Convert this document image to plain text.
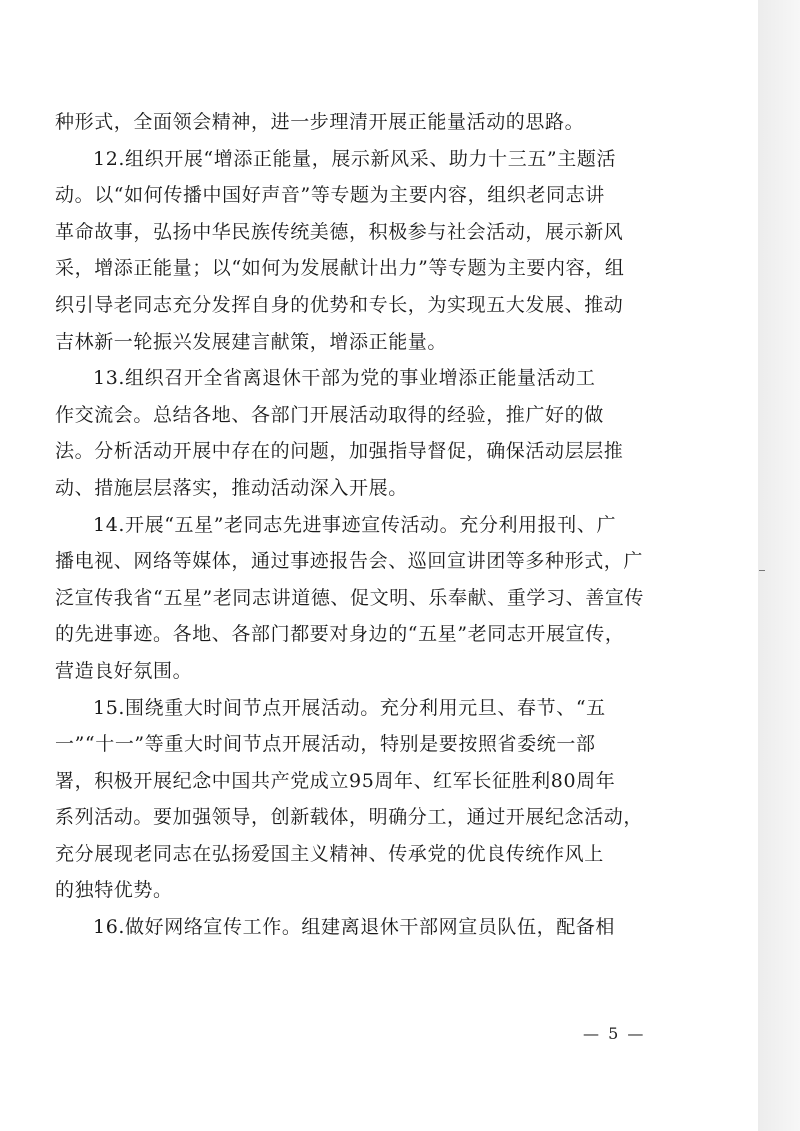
种形式，全面领会精神，进一步理清开展正能量活动的思路。
12.组织开展“增添正能量，展示新风采、助力十三五”主题活
动。以“如何传播中国好声音”等专题为主要内容，组织老同志讲
革命故事，弘扬中华民族传统美德，积极参与社会活动，展示新风
采，增添正能量；以“如何为发展献计出力”等专题为主要内容，组
织引导老同志充分发挥自身的优势和专长，为实现五大发展、推动
吉林新一轮振兴发展建言献策，增添正能量。
13.组织召开全省离退休干部为党的事业增添正能量活动工
作交流会。总结各地、各部门开展活动取得的经验，推广好的做
法。分析活动开展中存在的问题，加强指导督促，确保活动层层推
动、措施层层落实，推动活动深入开展。
14.开展“五星”老同志先进事迹宣传活动。充分利用报刊、广
播电视、网络等媒体，通过事迹报告会、巡回宣讲团等多种形式，广
泛宣传我省“五星”老同志讲道德、促文明、乐奉献、重学习、善宣传
的先进事迹。各地、各部门都要对身边的“五星”老同志开展宣传，
营造良好氛围。
15.围绕重大时间节点开展活动。充分利用元旦、春节、“五
一”“十一”等重大时间节点开展活动，特别是要按照省委统一部
署，积极开展纪念中国共产党成立95周年、红军长征胜利80周年
系列活动。要加强领导，创新载体，明确分工，通过开展纪念活动，
充分展现老同志在弘扬爱国主义精神、传承党的优良传统作风上
的独特优势。
16.做好网络宣传工作。组建离退休干部网宣员队伍，配备相
— 5 —
